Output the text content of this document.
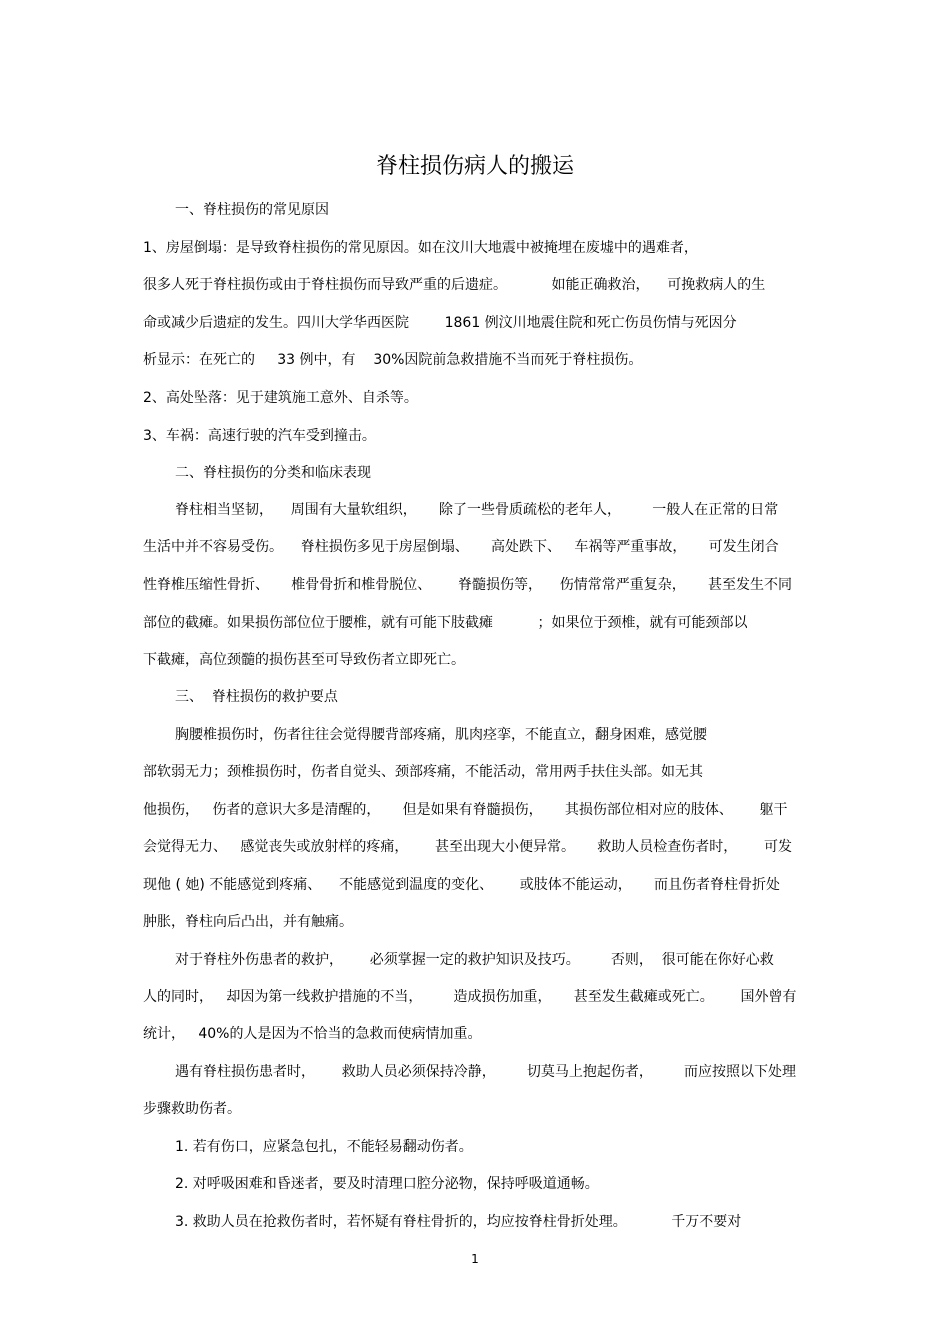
脊柱损伤病人的搬运
一、脊柱损伤的常见原因
1、房屋倒塌：是导致脊柱损伤的常见原因。如在汶川大地震中被掩埋在废墟中的遇难者，
很多人死于脊柱损伤或由于脊柱损伤而导致严重的后遗症。          如能正确救治，    可挽救病人的生
命或减少后遗症的发生。四川大学华西医院        1861 例汶川地震住院和死亡伤员伤情与死因分
析显示：在死亡的     33 例中，有    30%因院前急救措施不当而死于脊柱损伤。
2、高处坠落：见于建筑施工意外、自杀等。
3、车祸：高速行驶的汽车受到撞击。
二、脊柱损伤的分类和临床表现
脊柱相当坚韧，    周围有大量软组织，     除了一些骨质疏松的老年人，       一般人在正常的日常
生活中并不容易受伤。    脊柱损伤多见于房屋倒塌、     高处跌下、   车祸等严重事故，     可发生闭合
性脊椎压缩性骨折、     椎骨骨折和椎骨脱位、      脊髓损伤等，    伤情常常严重复杂，     甚至发生不同
部位的截瘫。如果损伤部位位于腰椎，就有可能下肢截瘫          ；如果位于颈椎，就有可能颈部以
下截瘫，高位颈髓的损伤甚至可导致伤者立即死亡。
三、  脊柱损伤的救护要点
胸腰椎损伤时，伤者往往会觉得腰背部疼痛，肌肉痉挛，不能直立，翻身困难，感觉腰
部软弱无力；颈椎损伤时，伤者自觉头、颈部疼痛，不能活动，常用两手扶住头部。如无其
他损伤，   伤者的意识大多是清醒的，     但是如果有脊髓损伤，     其损伤部位相对应的肢体、      躯干
会觉得无力、   感觉丧失或放射样的疼痛，      甚至出现大小便异常。     救助人员检查伤者时，      可发
现他 ( 她) 不能感觉到疼痛、    不能感觉到温度的变化、      或肢体不能运动，     而且伤者脊柱骨折处
肿胀，脊柱向后凸出，并有触痛。
对于脊柱外伤患者的救护，      必须掌握一定的救护知识及技巧。       否则，  很可能在你好心救
人的同时，   却因为第一线救护措施的不当，       造成损伤加重，     甚至发生截瘫或死亡。      国外曾有
统计，   40%的人是因为不恰当的急救而使病情加重。
遇有脊柱损伤患者时，      救助人员必须保持冷静，       切莫马上抱起伤者，       而应按照以下处理
步骤救助伤者。
1. 若有伤口，应紧急包扎，不能轻易翻动伤者。
2. 对呼吸困难和昏迷者，要及时清理口腔分泌物，保持呼吸道通畅。
3. 救助人员在抢救伤者时，若怀疑有脊柱骨折的，均应按脊柱骨折处理。          千万不要对
1
